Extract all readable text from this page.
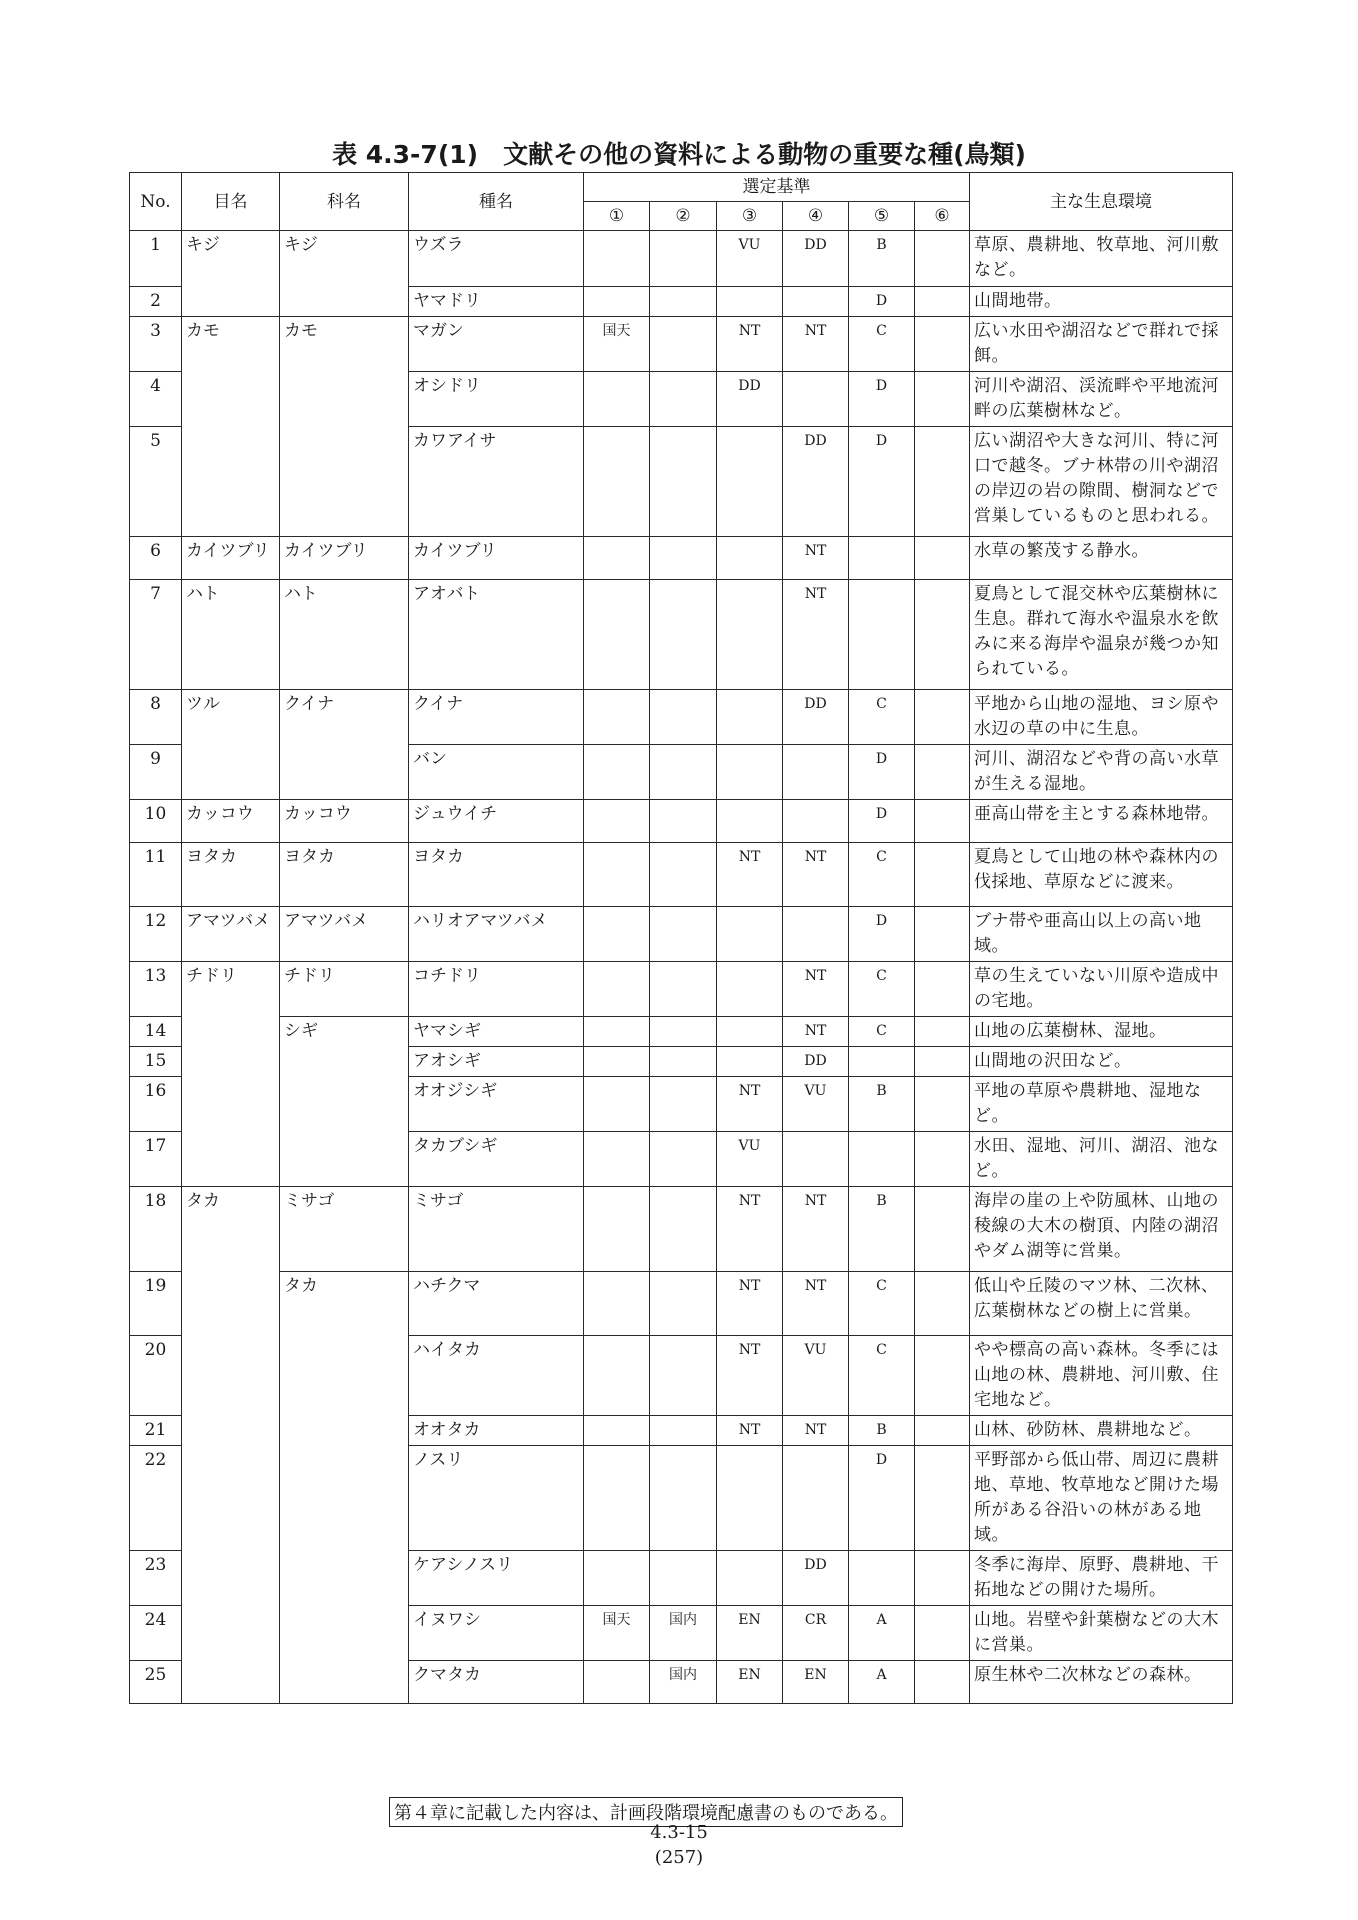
表 4.3-7(1)　文献その他の資料による動物の重要な種(鳥類)
No.	目名	科名	種名	選定基準						主な生息環境
				①	②	③	④	⑤	⑥	
1	キジ	キジ	ウズラ			VU	DD	B		草原、農耕地、牧草地、河川敷など。
2			ヤマドリ					D		山間地帯。
3	カモ	カモ	マガン	国天		NT	NT	C		広い水田や湖沼などで群れで採餌。
4			オシドリ			DD		D		河川や湖沼、渓流畔や平地流河畔の広葉樹林など。
5			カワアイサ				DD	D		広い湖沼や大きな河川、特に河口で越冬。ブナ林帯の川や湖沼の岸辺の岩の隙間、樹洞などで営巣しているものと思われる。
6	カイツブリ	カイツブリ	カイツブリ				NT			水草の繁茂する静水。
7	ハト	ハト	アオバト				NT			夏鳥として混交林や広葉樹林に生息。群れて海水や温泉水を飲みに来る海岸や温泉が幾つか知られている。
8	ツル	クイナ	クイナ				DD	C		平地から山地の湿地、ヨシ原や水辺の草の中に生息。
9			バン					D		河川、湖沼などや背の高い水草が生える湿地。
10	カッコウ	カッコウ	ジュウイチ					D		亜高山帯を主とする森林地帯。
11	ヨタカ	ヨタカ	ヨタカ			NT	NT	C		夏鳥として山地の林や森林内の伐採地、草原などに渡来。
12	アマツバメ	アマツバメ	ハリオアマツバメ					D		ブナ帯や亜高山以上の高い地域。
13	チドリ	チドリ	コチドリ				NT	C		草の生えていない川原や造成中の宅地。
14		シギ	ヤマシギ				NT	C		山地の広葉樹林、湿地。
15			アオシギ				DD			山間地の沢田など。
16			オオジシギ			NT	VU	B		平地の草原や農耕地、湿地など。
17			タカブシギ			VU				水田、湿地、河川、湖沼、池など。
18	タカ	ミサゴ	ミサゴ			NT	NT	B		海岸の崖の上や防風林、山地の稜線の大木の樹頂、内陸の湖沼やダム湖等に営巣。
19		タカ	ハチクマ			NT	NT	C		低山や丘陵のマツ林、二次林、広葉樹林などの樹上に営巣。
20			ハイタカ			NT	VU	C		やや標高の高い森林。冬季には山地の林、農耕地、河川敷、住宅地など。
21			オオタカ			NT	NT	B		山林、砂防林、農耕地など。
22			ノスリ					D		平野部から低山帯、周辺に農耕地、草地、牧草地など開けた場所がある谷沿いの林がある地域。
23			ケアシノスリ				DD			冬季に海岸、原野、農耕地、干拓地などの開けた場所。
24			イヌワシ	国天	国内	EN	CR	A		山地。岩壁や針葉樹などの大木に営巣。
25			クマタカ		国内	EN	EN	A		原生林や二次林などの森林。
第４章に記載した内容は、計画段階環境配慮書のものである。
4.3-15
(257)
